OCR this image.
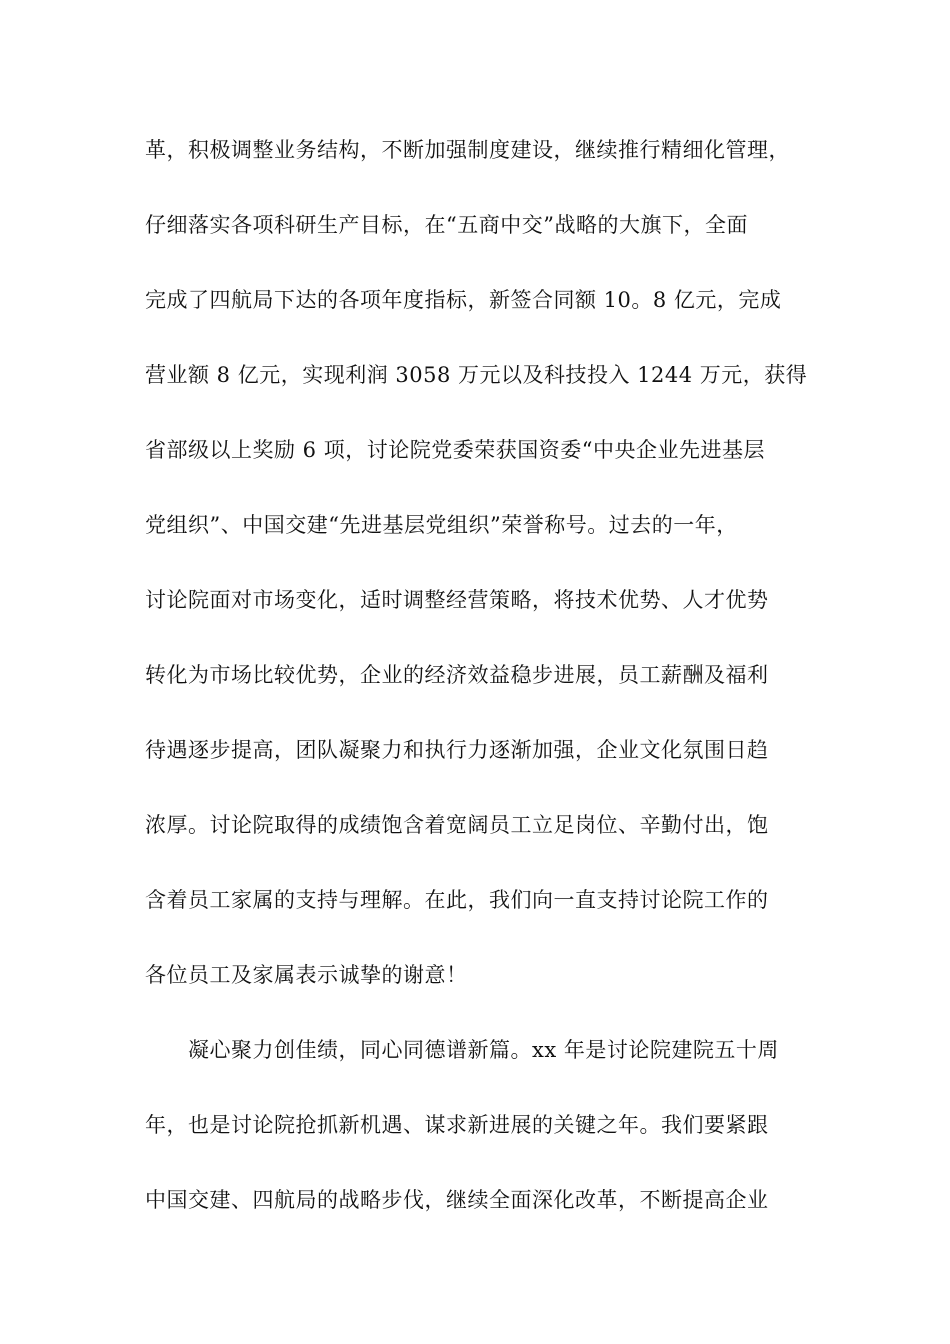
革，积极调整业务结构，不断加强制度建设，继续推行精细化管理，
仔细落实各项科研生产目标，在“五商中交”战略的大旗下，全面
完成了四航局下达的各项年度指标，新签合同额 10。8 亿元，完成
营业额 8 亿元，实现利润 3058 万元以及科技投入 1244 万元，获得
省部级以上奖励 6 项，讨论院党委荣获国资委“中央企业先进基层
党组织”、中国交建“先进基层党组织”荣誉称号。过去的一年，
讨论院面对市场变化，适时调整经营策略，将技术优势、人才优势
转化为市场比较优势，企业的经济效益稳步进展，员工薪酬及福利
待遇逐步提高，团队凝聚力和执行力逐渐加强，企业文化氛围日趋
浓厚。讨论院取得的成绩饱含着宽阔员工立足岗位、辛勤付出，饱
含着员工家属的支持与理解。在此，我们向一直支持讨论院工作的
各位员工及家属表示诚挚的谢意！
凝心聚力创佳绩，同心同德谱新篇。xx 年是讨论院建院五十周
年，也是讨论院抢抓新机遇、谋求新进展的关键之年。我们要紧跟
中国交建、四航局的战略步伐，继续全面深化改革，不断提高企业
